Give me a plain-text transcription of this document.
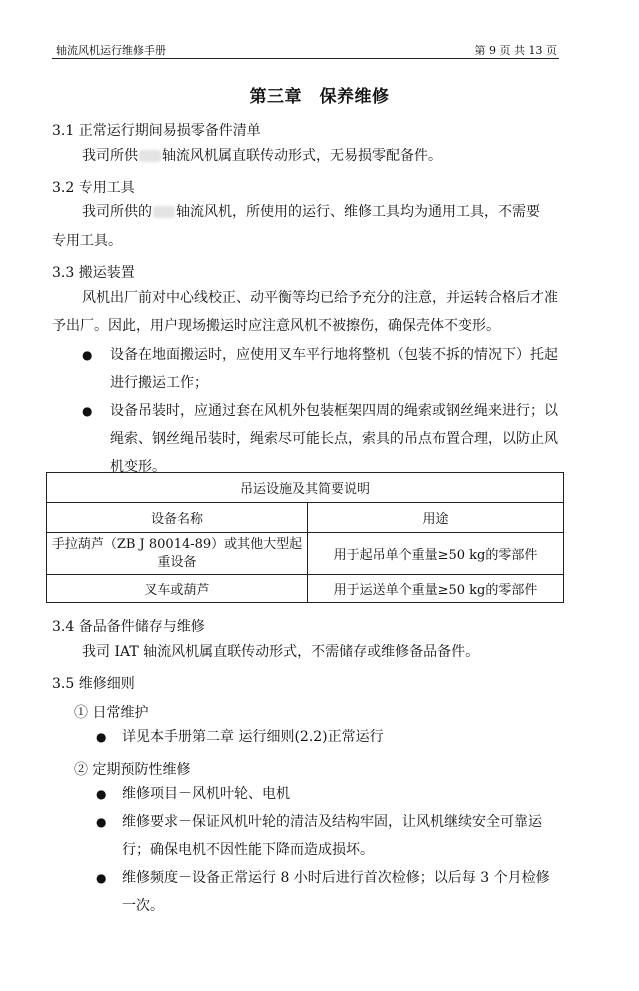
轴流风机运行维修手册	第 9 页 共 13 页
第三章　保养维修
3.1 正常运行期间易损零备件清单
我司所供 轴流风机属直联传动形式，无易损零配备件。
3.2 专用工具
我司所供的 轴流风机，所使用的运行、维修工具均为通用工具，不需要
专用工具。
3.3 搬运装置

风机出厂前对中心线校正、动平衡等均已给予充分的注意，并运转合格后才准予出厂。因此，用户现场搬运时应注意风机不被擦伤，确保壳体不变形。

● 设备在地面搬运时，应使用叉车平行地将整机（包装不拆的情况下）托起进行搬运工作；
● 设备吊装时，应通过套在风机外包装框架四周的绳索或钢丝绳来进行；以绳索、钢丝绳吊装时，绳索尽可能长点，索具的吊点布置合理，以防止风机变形。
吊运设施及其简要说明	
设备名称	用途
手拉葫芦（ZB J 80014-89）或其他大型起重设备	用于起吊单个重量≥50 kg的零部件
叉车或葫芦	用于运送单个重量≥50 kg的零部件
3.4 备品备件储存与维修
我司 IAT 轴流风机属直联传动形式，不需储存或维修备品备件。
3.5 维修细则
① 日常维护
● 详见本手册第二章 运行细则(2.2)正常运行
② 定期预防性维修
● 维修项目－风机叶轮、电机
● 维修要求－保证风机叶轮的清洁及结构牢固，让风机继续安全可靠运行；确保电机不因性能下降而造成损坏。
● 维修频度－设备正常运行 8 小时后进行首次检修；以后每 3 个月检修一次。
